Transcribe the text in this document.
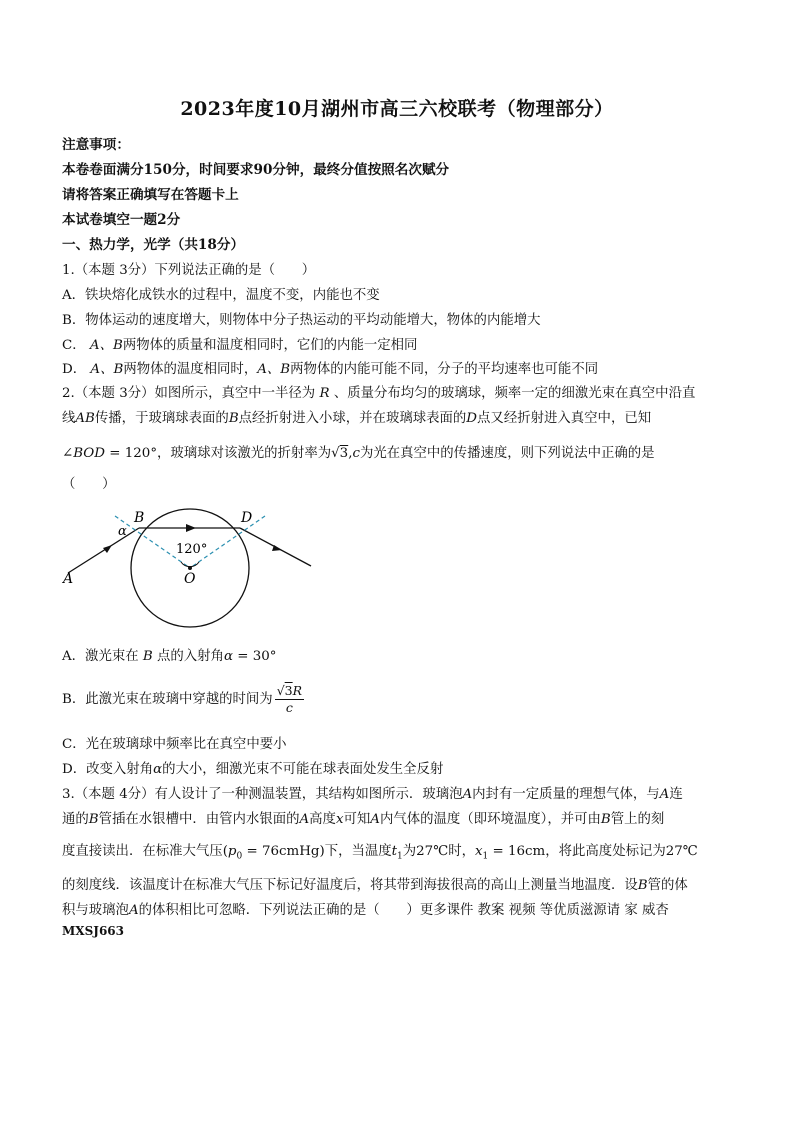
2023年度10月湖州市高三六校联考（物理部分）
注意事项：
本卷卷面满分150分，时间要求90分钟，最终分值按照名次赋分
请将答案正确填写在答题卡上
本试卷填空一题2分
一、热力学，光学（共18分）
1.（本题 3分）下列说法正确的是（　　）
A．铁块熔化成铁水的过程中，温度不变，内能也不变
B．物体运动的速度增大，则物体中分子热运动的平均动能增大，物体的内能增大
C． A、B两物体的质量和温度相同时，它们的内能一定相同
D． A、B两物体的温度相同时，A、B两物体的内能可能不同，分子的平均速率也可能不同
2.（本题 3分）如图所示，真空中一半径为 R 、质量分布均匀的玻璃球，频率一定的细激光束在真空中沿直
线AB传播，于玻璃球表面的B点经折射进入小球，并在玻璃球表面的D点又经折射进入真空中，已知
∠BOD = 120°，玻璃球对该激光的折射率为√3,c为光在真空中的传播速度，则下列说法中正确的是
（　　）
B	D
A	O
α
120°
A．激光束在 B 点的入射角α = 30°
B．此激光束在玻璃中穿越的时间为 $\frac{√3R}{c}$
C．光在玻璃球中频率比在真空中要小
D．改变入射角α的大小，细激光束不可能在球表面处发生全反射
3.（本题 4分）有人设计了一种测温装置，其结构如图所示．玻璃泡A内封有一定质量的理想气体，与A连
通的B管插在水银槽中．由管内水银面的A高度x可知A内气体的温度（即环境温度），并可由B管上的刻
度直接读出．在标准大气压($p_0$ = 76cmHg)下，当温度$t_1$为27℃时，$x_1 = 16cm$，将此高度处标记为27℃
的刻度线．该温度计在标准大气压下标记好温度后，将其带到海拔很高的高山上测量当地温度．设B管的体
积与玻璃泡A的体积相比可忽略．下列说法正确的是（　　）更多课件 教案 视频 等优质滋源请 家 威杏
MXSJ663
